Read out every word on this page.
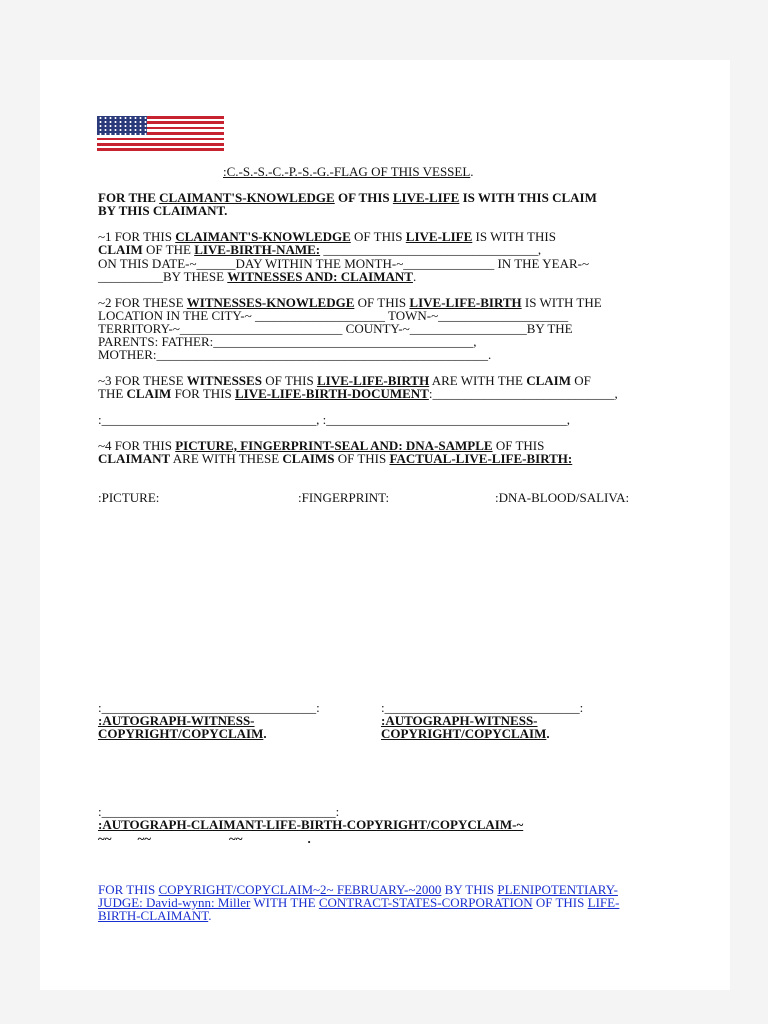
:C.-S.-S.-C.-P.-S.-G.-FLAG OF THIS VESSEL.
FOR THE CLAIMANT'S-KNOWLEDGE OF THIS LIVE-LIFE IS WITH THIS CLAIM
BY THIS CLAIMANT.
~1 FOR THIS CLAIMANT'S-KNOWLEDGE OF THIS LIVE-LIFE IS WITH THIS
CLAIM OF THE LIVE-BIRTH-NAME: _________________________________,
ON THIS DATE-~______DAY WITHIN THE MONTH-~______________ IN THE YEAR-~
__________BY THESE WITNESSES AND: CLAIMANT.
~2 FOR THESE WITNESSES-KNOWLEDGE OF THIS LIVE-LIFE-BIRTH IS WITH THE
LOCATION IN THE CITY-~ ____________________ TOWN-~____________________
TERRITORY-~_________________________ COUNTY-~__________________BY THE
PARENTS: FATHER:________________________________________,
MOTHER:___________________________________________________.
~3 FOR THESE WITNESSES OF THIS LIVE-LIFE-BIRTH ARE WITH THE CLAIM OF
THE CLAIM FOR THIS LIVE-LIFE-BIRTH-DOCUMENT:____________________________,
:_________________________________, :_____________________________________,
~4 FOR THIS PICTURE, FINGERPRINT-SEAL AND: DNA-SAMPLE OF THIS
CLAIMANT ARE WITH THESE CLAIMS OF THIS FACTUAL-LIVE-LIFE-BIRTH:
:PICTURE:	:FINGERPRINT:	:DNA-BLOOD/SALIVA:
:_________________________________:	:______________________________:
:AUTOGRAPH-WITNESS-
COPYRIGHT/COPYCLAIM.
:AUTOGRAPH-WITNESS-
COPYRIGHT/COPYCLAIM.
:____________________________________:
:AUTOGRAPH-CLAIMANT-LIFE-BIRTH-COPYRIGHT/COPYCLAIM-~
~~        ~~                        ~~                    .
FOR THIS COPYRIGHT/COPYCLAIM~2~ FEBRUARY-~2000 BY THIS PLENIPOTENTIARY-
JUDGE: David-wynn: Miller WITH THE CONTRACT-STATES-CORPORATION OF THIS LIFE-
BIRTH-CLAIMANT.
